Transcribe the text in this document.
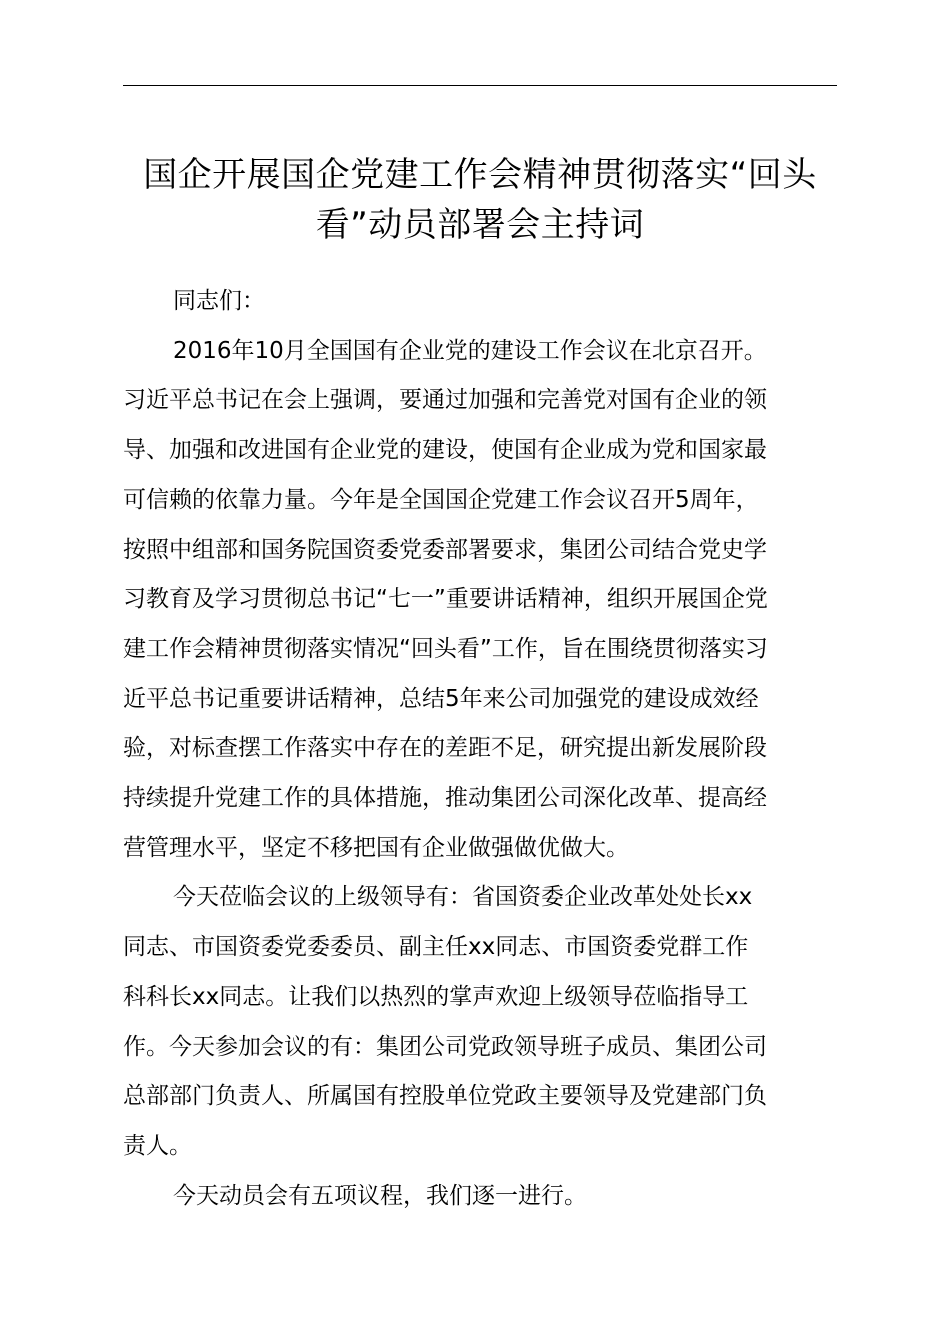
国企开展国企党建工作会精神贯彻落实“回头
看”动员部署会主持词

同志们：

2016年10月全国国有企业党的建设工作会议在北京召开。
习近平总书记在会上强调，要通过加强和完善党对国有企业的领
导、加强和改进国有企业党的建设，使国有企业成为党和国家最
可信赖的依靠力量。今年是全国国企党建工作会议召开5周年，
按照中组部和国务院国资委党委部署要求，集团公司结合党史学
习教育及学习贯彻总书记“七一”重要讲话精神，组织开展国企党
建工作会精神贯彻落实情况“回头看”工作，旨在围绕贯彻落实习
近平总书记重要讲话精神，总结5年来公司加强党的建设成效经
验，对标查摆工作落实中存在的差距不足，研究提出新发展阶段
持续提升党建工作的具体措施，推动集团公司深化改革、提高经
营管理水平，坚定不移把国有企业做强做优做大。

今天莅临会议的上级领导有：省国资委企业改革处处长xx
同志、市国资委党委委员、副主任xx同志、市国资委党群工作
科科长xx同志。让我们以热烈的掌声欢迎上级领导莅临指导工
作。今天参加会议的有：集团公司党政领导班子成员、集团公司
总部部门负责人、所属国有控股单位党政主要领导及党建部门负
责人。

今天动员会有五项议程，我们逐一进行。
